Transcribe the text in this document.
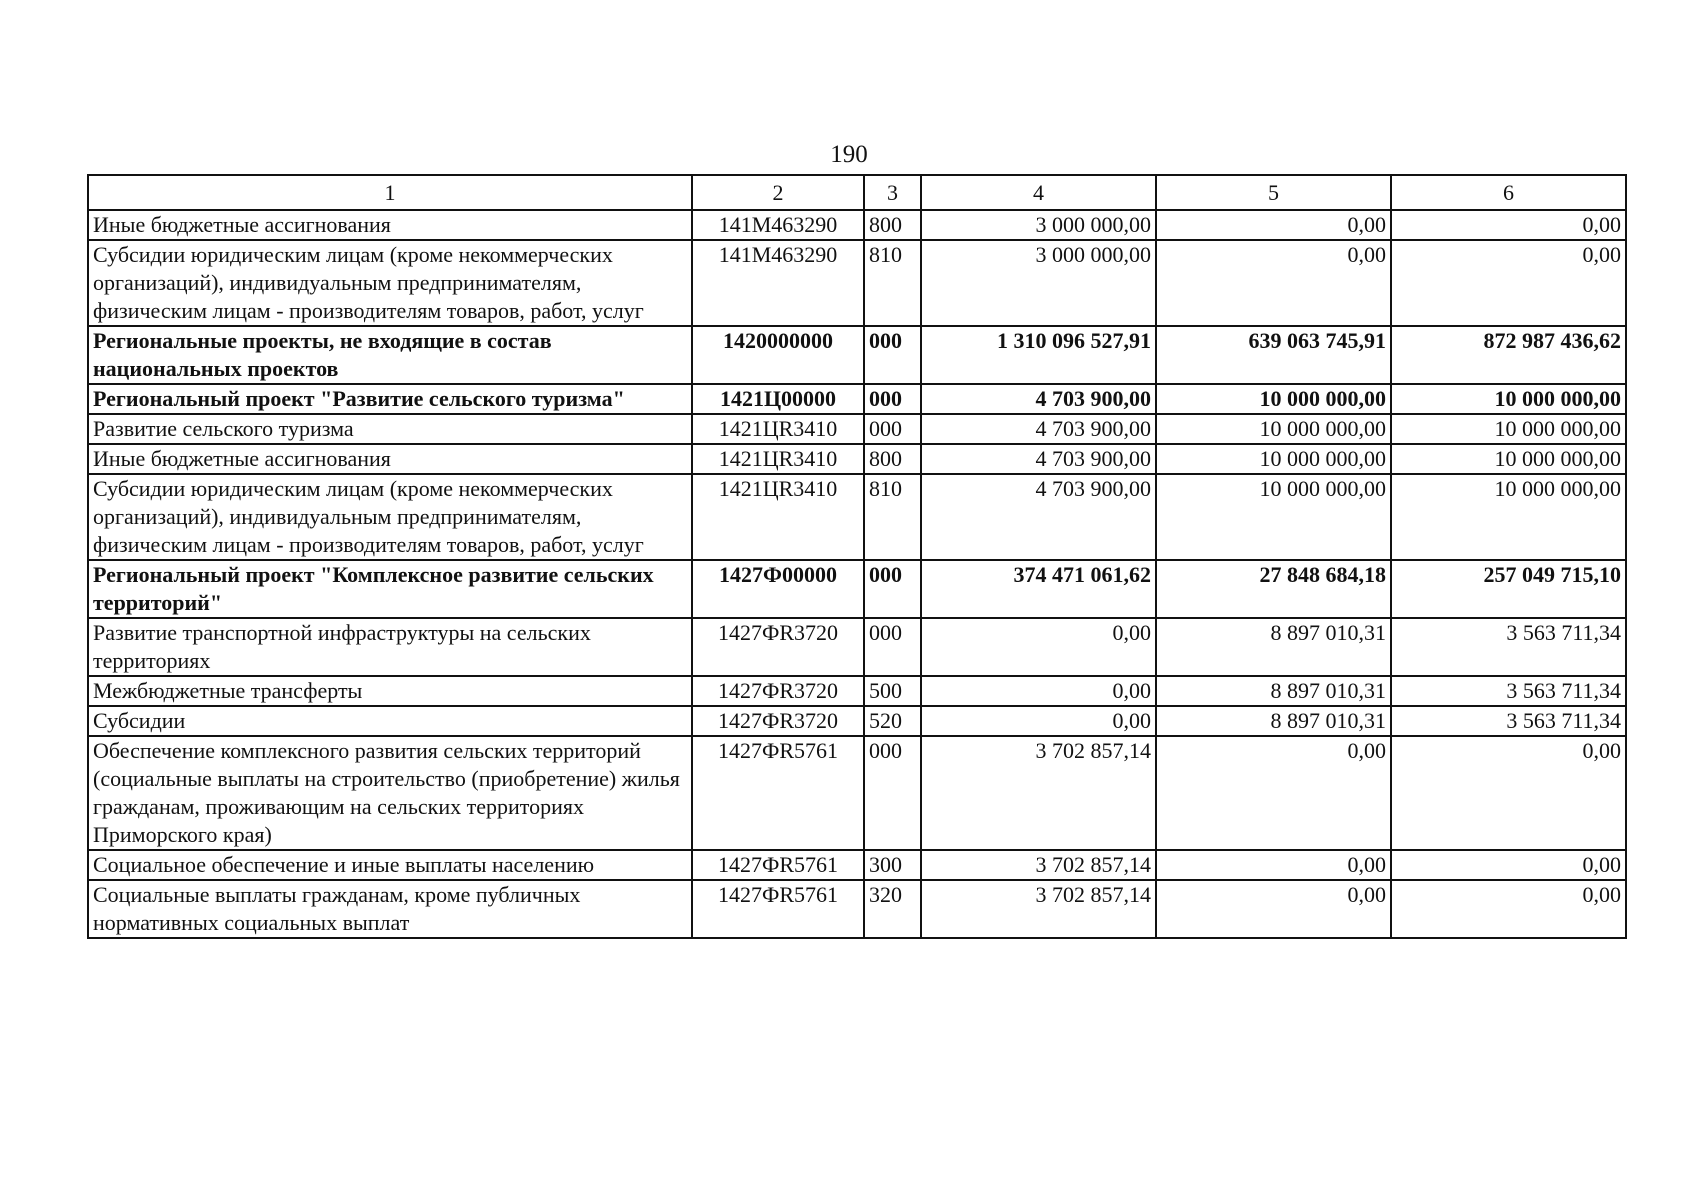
190
1	2	3	4	5	6
Иные бюджетные ассигнования	141M463290	800	3 000 000,00	0,00	0,00
Субсидии юридическим лицам (кроме некоммерческих организаций), индивидуальным предпринимателям, физическим лицам - производителям товаров, работ, услуг	141M463290	810	3 000 000,00	0,00	0,00
Региональные проекты, не входящие в состав национальных проектов	1420000000	000	1 310 096 527,91	639 063 745,91	872 987 436,62
Региональный проект "Развитие сельского туризма"	1421Ц00000	000	4 703 900,00	10 000 000,00	10 000 000,00
Развитие сельского туризма	1421ЦR3410	000	4 703 900,00	10 000 000,00	10 000 000,00
Иные бюджетные ассигнования	1421ЦR3410	800	4 703 900,00	10 000 000,00	10 000 000,00
Субсидии юридическим лицам (кроме некоммерческих организаций), индивидуальным предпринимателям, физическим лицам - производителям товаров, работ, услуг	1421ЦR3410	810	4 703 900,00	10 000 000,00	10 000 000,00
Региональный проект "Комплексное развитие сельских территорий"	1427Ф00000	000	374 471 061,62	27 848 684,18	257 049 715,10
Развитие транспортной инфраструктуры на сельских территориях	1427ФR3720	000	0,00	8 897 010,31	3 563 711,34
Межбюджетные трансферты	1427ФR3720	500	0,00	8 897 010,31	3 563 711,34
Субсидии	1427ФR3720	520	0,00	8 897 010,31	3 563 711,34
Обеспечение комплексного развития сельских территорий (социальные выплаты на строительство (приобретение) жилья гражданам, проживающим на сельских территориях Приморского края)	1427ФR5761	000	3 702 857,14	0,00	0,00
Социальное обеспечение и иные выплаты населению	1427ФR5761	300	3 702 857,14	0,00	0,00
Социальные выплаты гражданам, кроме публичных нормативных социальных выплат	1427ФR5761	320	3 702 857,14	0,00	0,00
